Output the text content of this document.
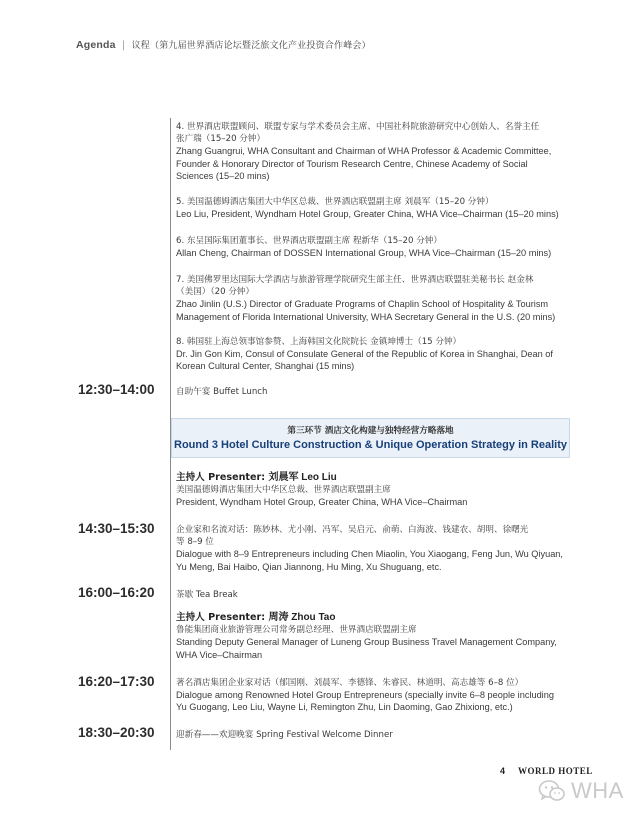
Agenda | 议程（第九届世界酒店论坛暨泛旅文化产业投资合作峰会）
4. 世界酒店联盟顾问、联盟专家与学术委员会主席、中国社科院旅游研究中心创始人、名誉主任
张广瑞（15–20 分钟）
Zhang Guangrui, WHA Consultant and Chairman of WHA Professor & Academic Committee,
Founder & Honorary Director of Tourism Research Centre, Chinese Academy of Social
Sciences (15–20 mins)
5. 美国温德姆酒店集团大中华区总裁、世界酒店联盟副主席 刘晨军（15–20 分钟）
Leo Liu, President, Wyndham Hotel Group, Greater China, WHA Vice–Chairman (15–20 mins)
6. 东呈国际集团董事长、世界酒店联盟副主席 程新华（15–20 分钟）
Allan Cheng, Chairman of DOSSEN International Group, WHA Vice–Chairman (15–20 mins)
7. 美国佛罗里达国际大学酒店与旅游管理学院研究生部主任、世界酒店联盟驻美秘书长 赵金林
（美国）（20 分钟）
Zhao Jinlin (U.S.) Director of Graduate Programs of Chaplin School of Hospitality & Tourism
Management of Florida International University, WHA Secretary General in the U.S. (20 mins)
8. 韩国驻上海总领事馆参赞、上海韩国文化院院长 金镇坤博士（15 分钟）
Dr. Jin Gon Kim, Consul of Consulate General of the Republic of Korea in Shanghai, Dean of
Korean Cultural Center, Shanghai (15 mins)
12:30–14:00	自助午宴 Buffet Lunch
第三环节 酒店文化构建与独特经营方略落地
Round 3 Hotel Culture Construction & Unique Operation Strategy in Reality
主持人 Presenter: 刘晨军 Leo Liu
美国温德姆酒店集团大中华区总裁、世界酒店联盟副主席
President, Wyndham Hotel Group, Greater China, WHA Vice–Chairman
14:30–15:30	企业家和名流对话：陈妙林、尤小刚、冯军、吴启元、俞萌、白海波、钱建农、胡明、徐曙光
等 8–9 位
Dialogue with 8–9 Entrepreneurs including Chen Miaolin, You Xiaogang, Feng Jun, Wu Qiyuan,
Yu Meng, Bai Haibo, Qian Jiannong, Hu Ming, Xu Shuguang, etc.
16:00–16:20	茶歇 Tea Break
主持人 Presenter: 周涛 Zhou Tao
鲁能集团商业旅游管理公司常务副总经理、世界酒店联盟副主席
Standing Deputy General Manager of Luneng Group Business Travel Management Company,
WHA Vice–Chairman
16:20–17:30	著名酒店集团企业家对话（郁国刚、刘晨军、李德锋、朱睿民、林道明、高志雄等 6–8 位）
Dialogue among Renowned Hotel Group Entrepreneurs (specially invite 6–8 people including
Yu Guogang, Leo Liu, Wayne Li, Remington Zhu, Lin Daoming, Gao Zhixiong, etc.)
18:30–20:30	迎新春——欢迎晚宴 Spring Festival Welcome Dinner
4 WORLD HOTEL
WHA
